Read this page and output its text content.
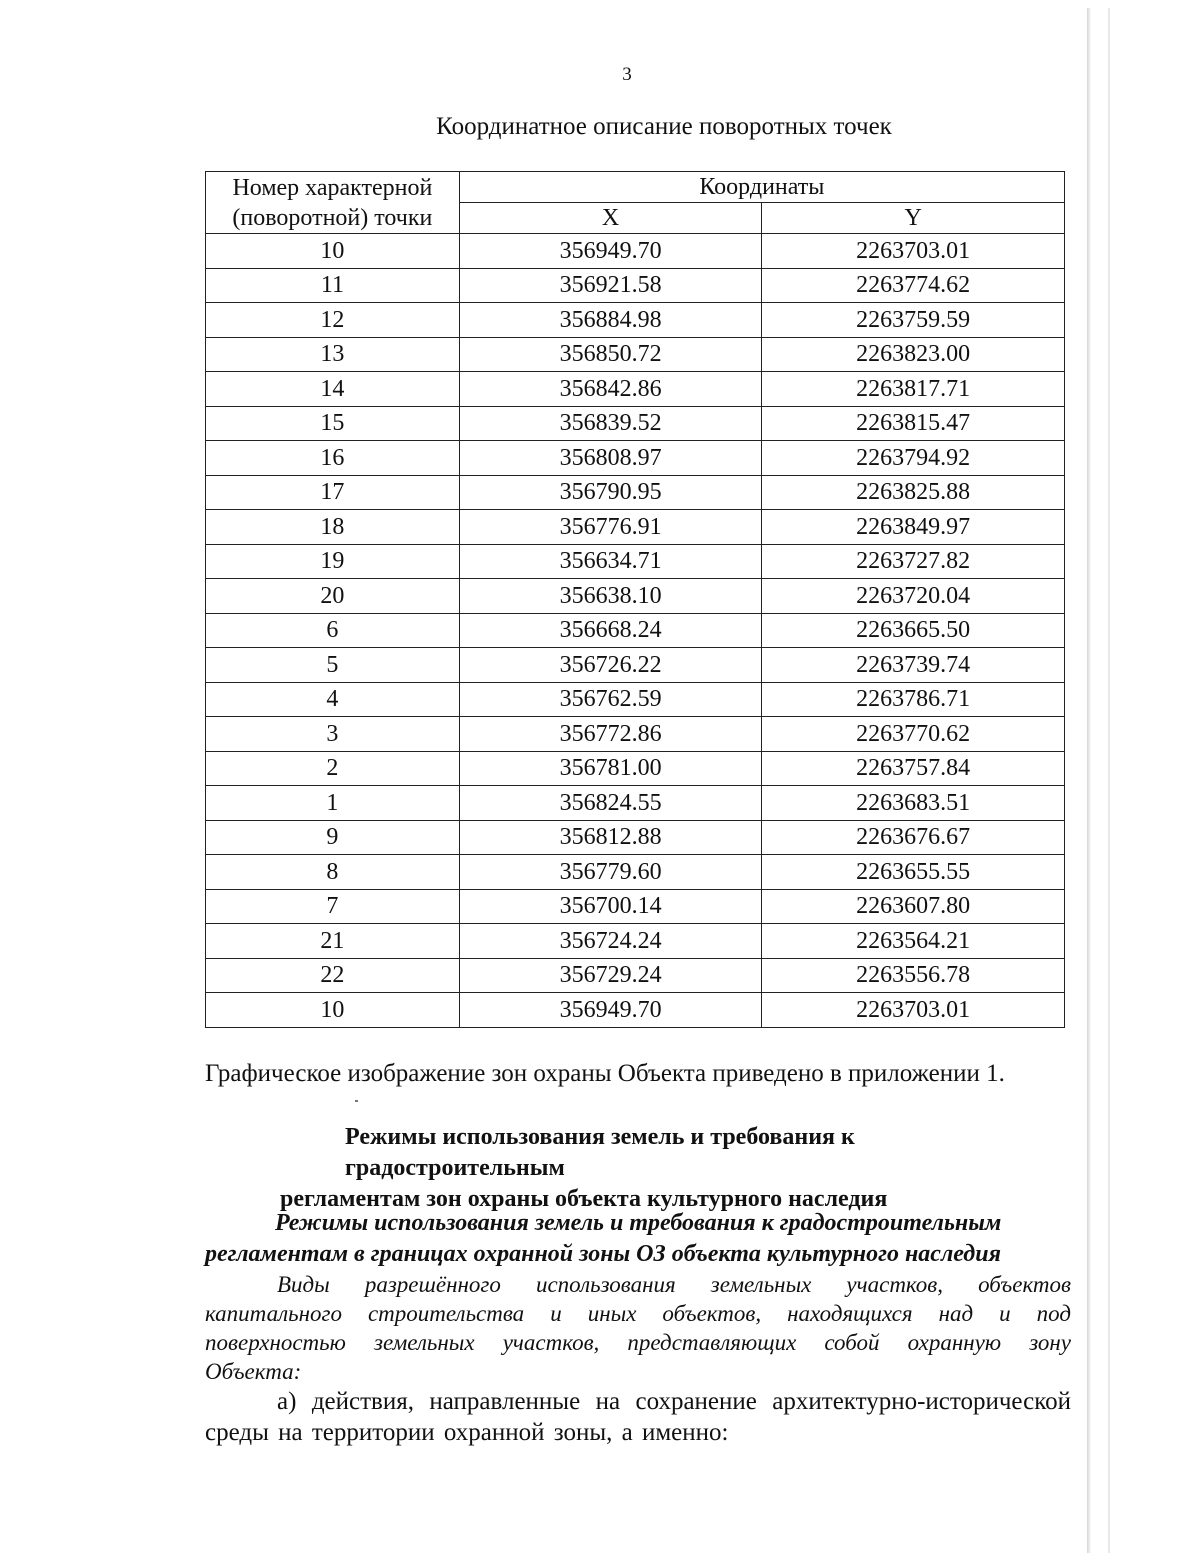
3
Координатное описание поворотных точек
Номер характерной
(поворотной) точки	Координаты	
	X	Y
10	356949.70	2263703.01
11	356921.58	2263774.62
12	356884.98	2263759.59
13	356850.72	2263823.00
14	356842.86	2263817.71
15	356839.52	2263815.47
16	356808.97	2263794.92
17	356790.95	2263825.88
18	356776.91	2263849.97
19	356634.71	2263727.82
20	356638.10	2263720.04
6	356668.24	2263665.50
5	356726.22	2263739.74
4	356762.59	2263786.71
3	356772.86	2263770.62
2	356781.00	2263757.84
1	356824.55	2263683.51
9	356812.88	2263676.67
8	356779.60	2263655.55
7	356700.14	2263607.80
21	356724.24	2263564.21
22	356729.24	2263556.78
10	356949.70	2263703.01
Графическое изображение зон охраны Объекта приведено в приложении 1.
Режимы использования земель и требования к градостроительным
регламентам зон охраны объекта культурного наследия
Режимы использования земель и требования к градостроительным
регламентам в границах охранной зоны ОЗ объекта культурного наследия
Виды разрешённого использования земельных участков, объектов капитального строительства и иных объектов, находящихся над и под поверхностью земельных участков, представляющих собой охранную зону Объекта:
а) действия, направленные на сохранение архитектурно-исторической среды на территории охранной зоны, а именно:
